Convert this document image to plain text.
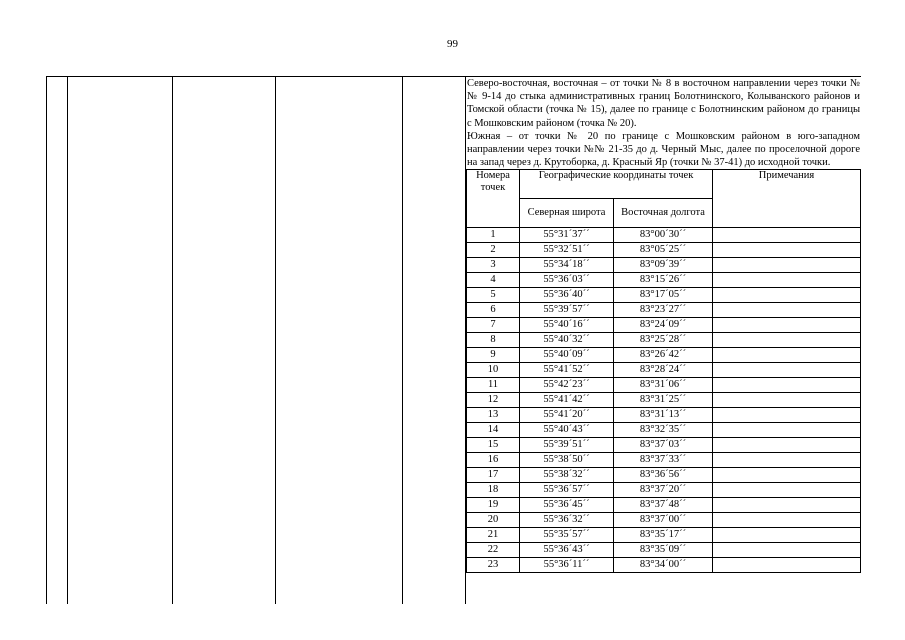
99

Северо-восточная, восточная – от точки № 8 в восточном направлении через точки №№ 9-14 до стыка административных границ Болотнинского, Колыванского районов и Томской области (точка № 15), далее по границе с Болотнинским районом до границы с Мошковским районом (точка № 20).

Южная – от точки № 20 по границе с Мошковским районом в юго-западном направлении через точки №№ 21-35 до д. Черный Мыс, далее по проселочной дороге на запад через д. Крутоборка, д. Красный Яр (точки № 37-41) до исходной точки.

Номера точек	Географические координаты точек	Примечания
Северная широта	Восточная долгота
1	55°31´37´´	83°00´30´´	
2	55°32´51´´	83°05´25´´	
3	55°34´18´´	83°09´39´´	
4	55°36´03´´	83°15´26´´	
5	55°36´40´´	83°17´05´´	
6	55°39´57´´	83°23´27´´	
7	55°40´16´´	83°24´09´´	
8	55°40´32´´	83°25´28´´	
9	55°40´09´´	83°26´42´´	
10	55°41´52´´	83°28´24´´	
11	55°42´23´´	83°31´06´´	
12	55°41´42´´	83°31´25´´	
13	55°41´20´´	83°31´13´´	
14	55°40´43´´	83°32´35´´	
15	55°39´51´´	83°37´03´´	
16	55°38´50´´	83°37´33´´	
17	55°38´32´´	83°36´56´´	
18	55°36´57´´	83°37´20´´	
19	55°36´45´´	83°37´48´´	
20	55°36´32´´	83°37´00´´	
21	55°35´57´´	83°35´17´´	
22	55°36´43´´	83°35´09´´	
23	55°36´11´´	83°34´00´´	
